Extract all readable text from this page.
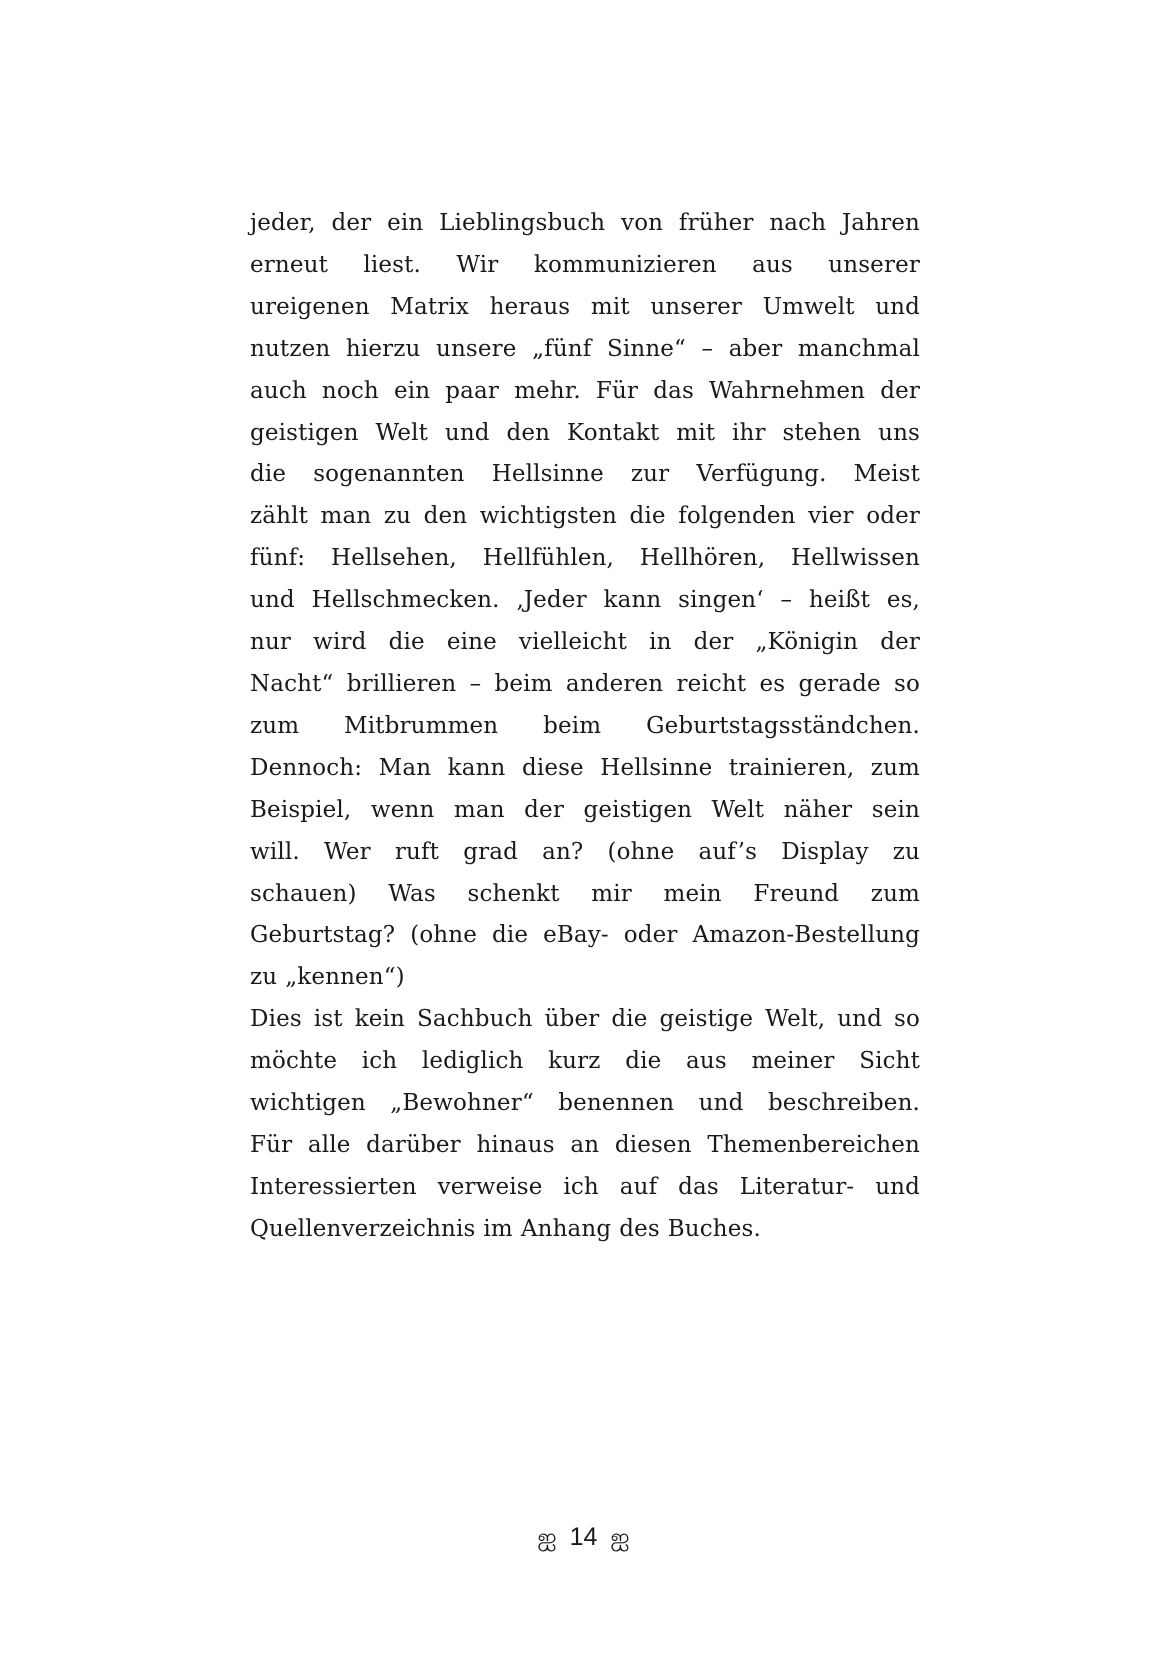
jeder, der ein Lieblingsbuch von früher nach Jahren
erneut liest. Wir kommunizieren aus unserer
ureigenen Matrix heraus mit unserer Umwelt und
nutzen hierzu unsere „fünf Sinne“ – aber manchmal
auch noch ein paar mehr. Für das Wahrnehmen der
geistigen Welt und den Kontakt mit ihr stehen uns
die sogenannten Hellsinne zur Verfügung. Meist
zählt man zu den wichtigsten die folgenden vier oder
fünf: Hellsehen, Hellfühlen, Hellhören, Hellwissen
und Hellschmecken. ‚Jeder kann singen‘ – heißt es,
nur wird die eine vielleicht in der „Königin der
Nacht“ brillieren – beim anderen reicht es gerade so
zum Mitbrummen beim Geburtstagsständchen.
Dennoch: Man kann diese Hellsinne trainieren, zum
Beispiel, wenn man der geistigen Welt näher sein
will. Wer ruft grad an? (ohne auf’s Display zu
schauen) Was schenkt mir mein Freund zum
Geburtstag? (ohne die eBay- oder Amazon-Bestellung
zu „kennen“)

Dies ist kein Sachbuch über die geistige Welt, und so
möchte ich lediglich kurz die aus meiner Sicht
wichtigen „Bewohner“ benennen und beschreiben.
Für alle darüber hinaus an diesen Themenbereichen
Interessierten verweise ich auf das Literatur- und
Quellenverzeichnis im Anhang des Buches.

ஐ 14 ஐ
